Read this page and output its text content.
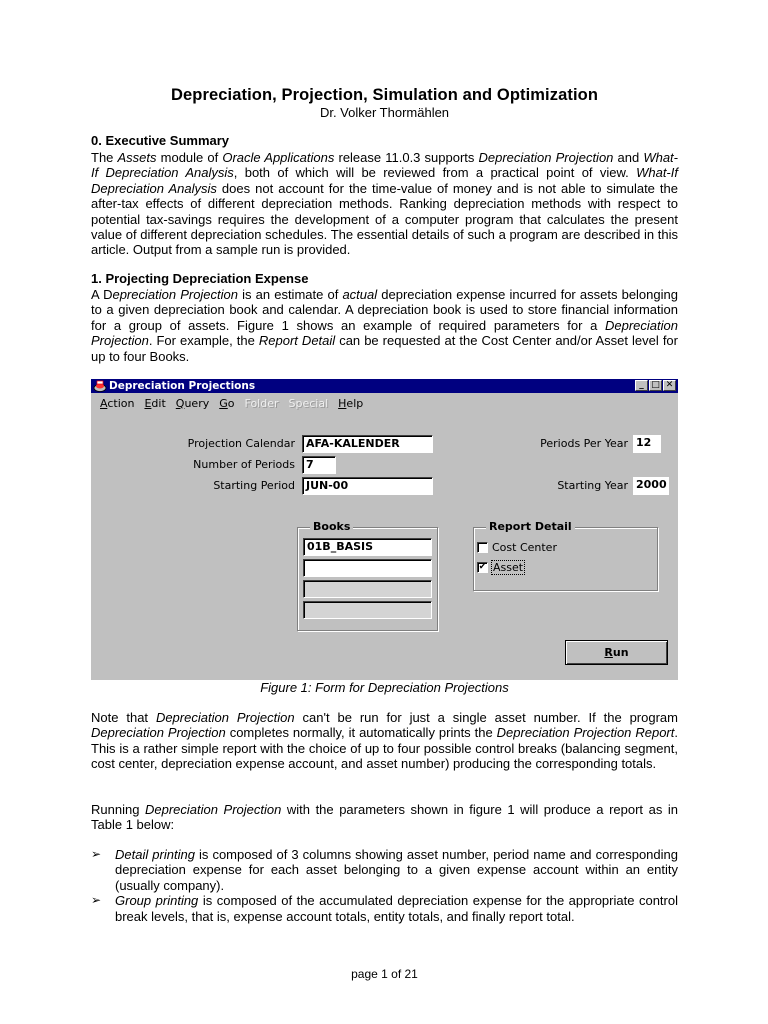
Depreciation, Projection, Simulation and Optimization
Dr. Volker Thormählen
0. Executive Summary
The Assets module of Oracle Applications release 11.0.3 supports Depreciation Projection and What-If Depreciation Analysis, both of which will be reviewed from a practical point of view. What-If Depreciation Analysis does not account for the time-value of money and is not able to simulate the after-tax effects of different depreciation methods. Ranking depreciation methods with respect to potential tax-savings requires the development of a computer program that calculates the present value of different depreciation schedules. The essential details of such a program are described in this article. Output from a sample run is provided.
1. Projecting Depreciation Expense
A Depreciation Projection is an estimate of actual depreciation expense incurred for assets belonging to a given depreciation book and calendar. A depreciation book is used to store financial information for a group of assets. Figure 1 shows an example of required parameters for a Depreciation Projection. For example, the Report Detail can be requested at the Cost Center and/or Asset level for up to four Books.
Figure 1: Form for Depreciation Projections
Note that Depreciation Projection can't be run for just a single asset number. If the program Depreciation Projection completes normally, it automatically prints the Depreciation Projection Report. This is a rather simple report with the choice of up to four possible control breaks (balancing segment, cost center, depreciation expense account, and asset number) producing the corresponding totals.
Running Depreciation Projection with the parameters shown in figure 1 will produce a report as in Table 1 below:
➢ Detail printing is composed of 3 columns showing asset number, period name and corresponding depreciation expense for each asset belonging to a given expense account within an entity (usually company).
➢ Group printing is composed of the accumulated depreciation expense for the appropriate control break levels, that is, expense account totals, entity totals, and finally report total.
page 1 of 21
Depreciation Projections	_ □ ✕
Action Edit Query Go Folder Special Help
Projection Calendar	AFA-KALENDER
Number of Periods	7
Starting Period	JUN-00
Periods Per Year 12
Starting Year 2000
Books
01B_BASIS
Report Detail
Cost Center
✔ Asset
R un
